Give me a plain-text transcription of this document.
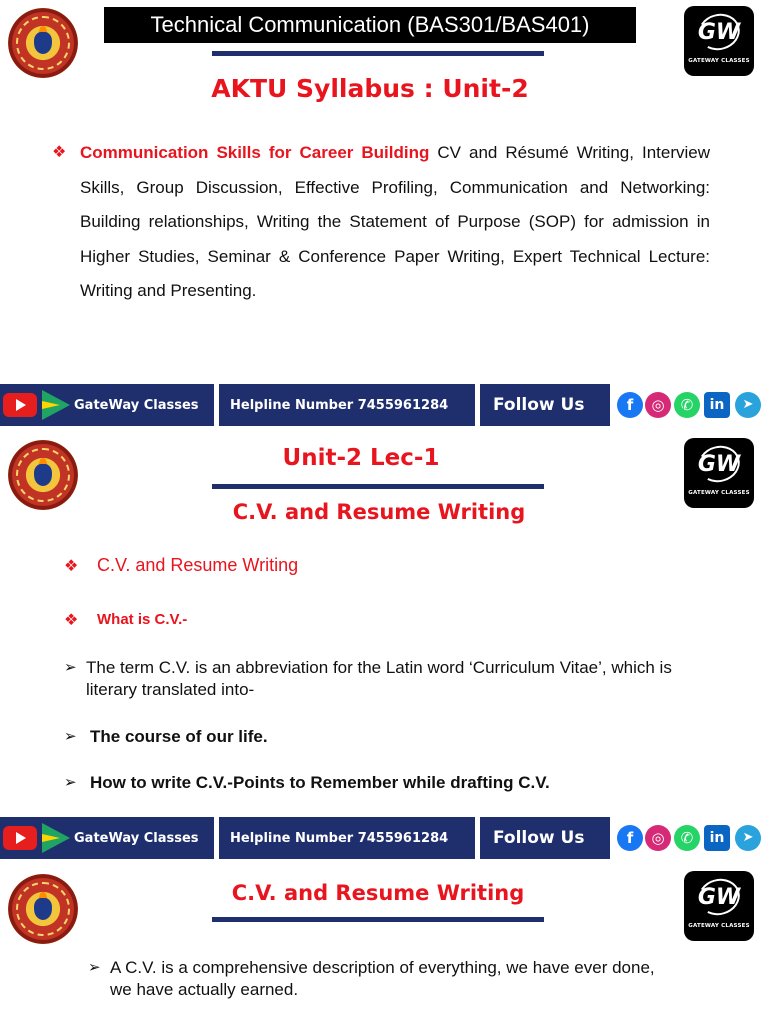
Technical Communication (BAS301/BAS401)	GW
GATEWAY CLASSES
AKTU Syllabus : Unit-2
❖ Communication Skills for Career Building CV and Résumé Writing, Interview Skills, Group Discussion, Effective Profiling, Communication and Networking: Building relationships, Writing the Statement of Purpose (SOP) for admission in Higher Studies, Seminar & Conference Paper Writing, Expert Technical Lecture: Writing and Presenting.
GateWay Classes	Helpline Number 7455961284	Follow Us	f	◎	✆	in	➤
Unit-2 Lec-1	GW
GATEWAY CLASSES
C.V. and Resume Writing
❖ C.V. and Resume Writing
❖ What is C.V.-
➢ The term C.V. is an abbreviation for the Latin word ‘Curriculum Vitae’, which is literary translated into-
➢ The course of our life.
➢ How to write C.V.-Points to Remember while drafting C.V.
GateWay Classes	Helpline Number 7455961284	Follow Us	f	◎	✆	in	➤
C.V. and Resume Writing	GW
GATEWAY CLASSES
➢ A C.V. is a comprehensive description of everything, we have ever done, we have actually earned.
